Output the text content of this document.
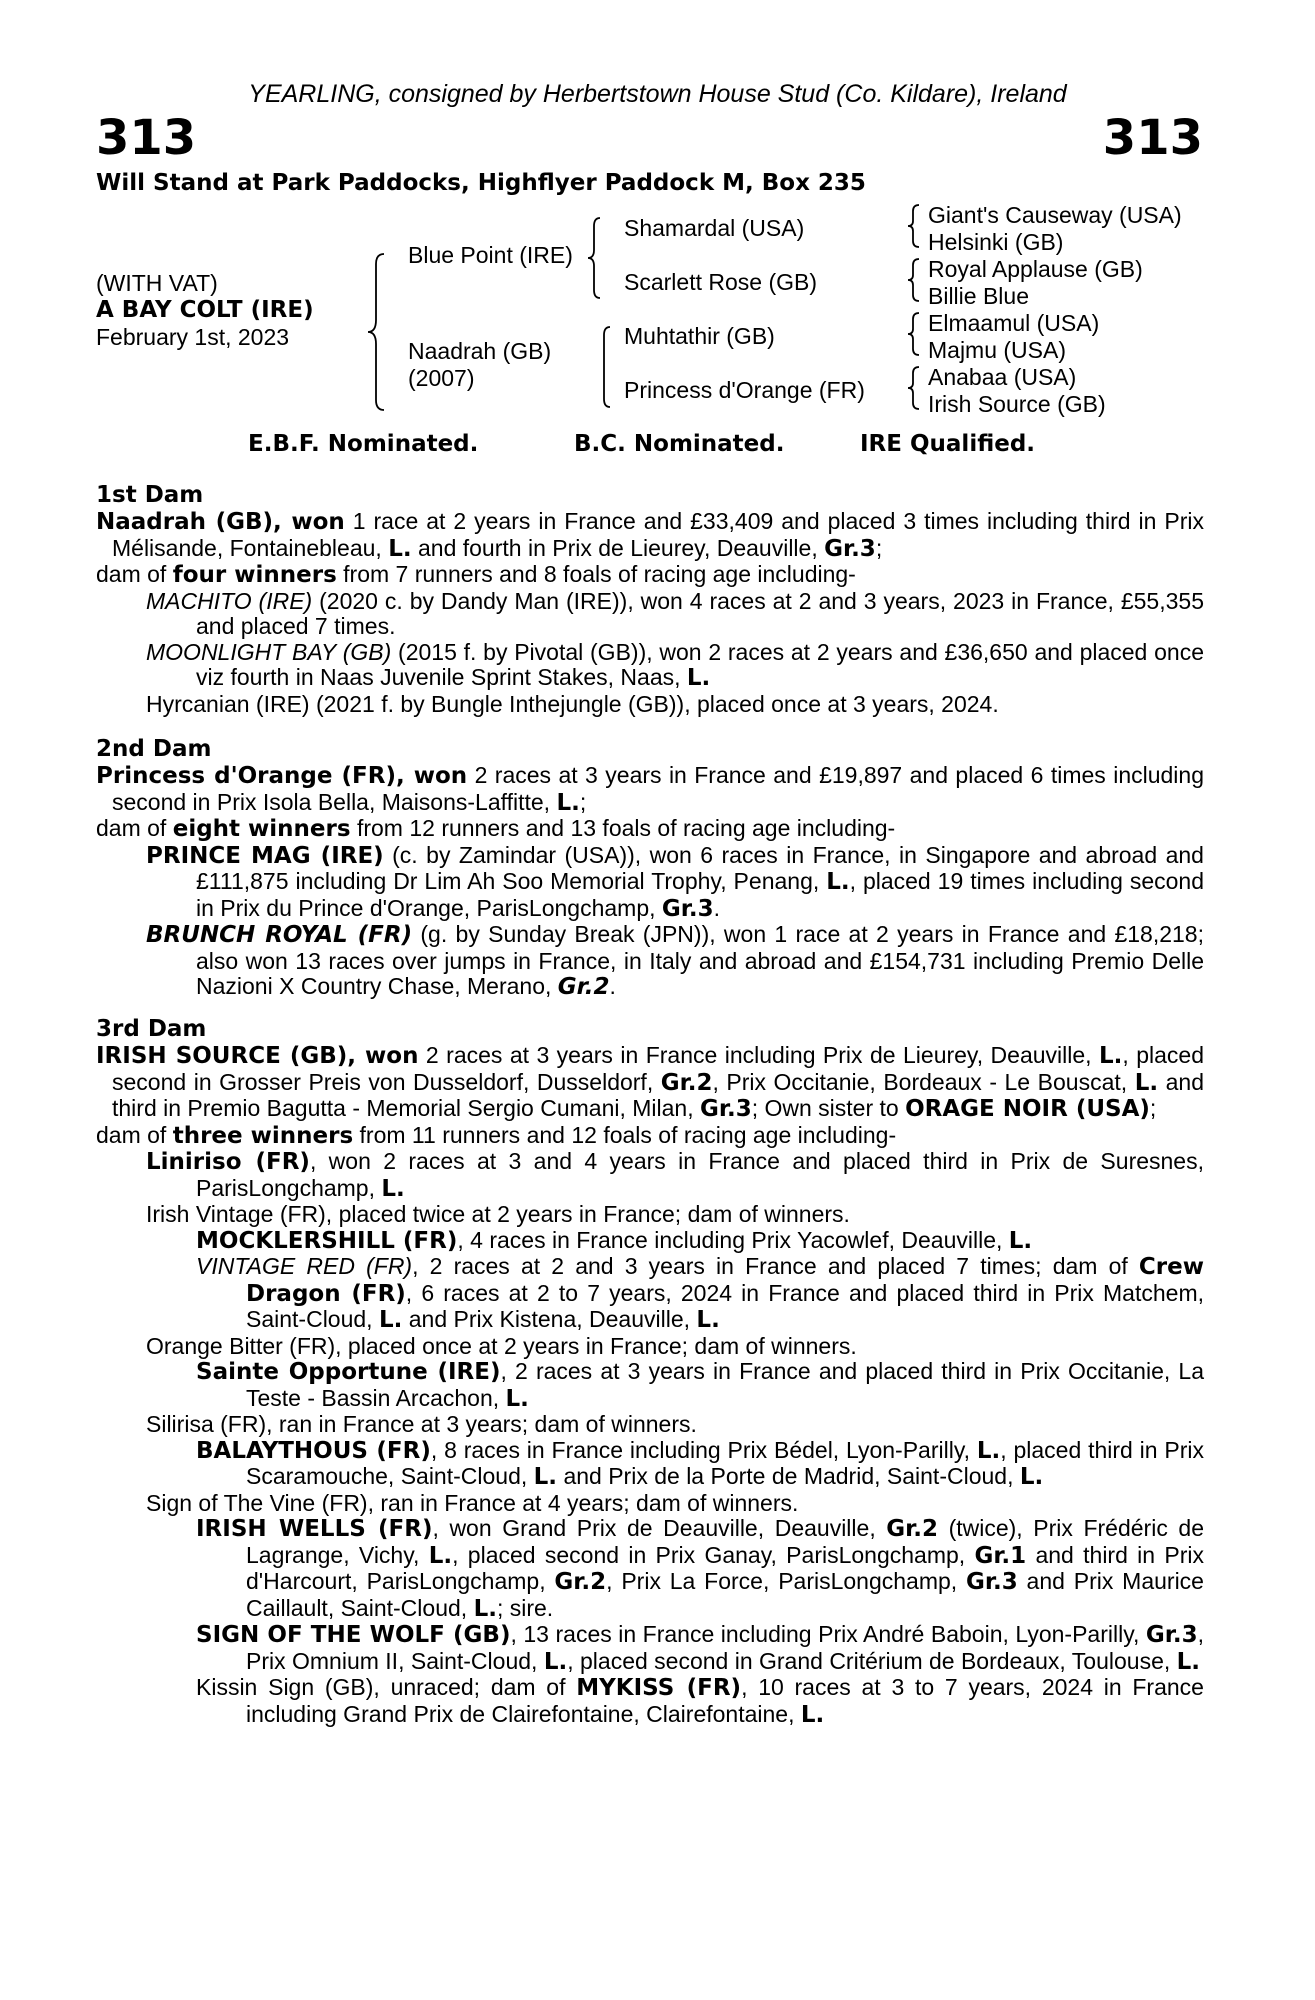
YEARLING, consigned by Herbertstown House Stud (Co. Kildare), Ireland
313	313
Will Stand at Park Paddocks, Highflyer Paddock M, Box 235
(WITH VAT)
A BAY COLT (IRE)
February 1st, 2023
Blue Point (IRE)
Naadrah (GB)
(2007)
Shamardal (USA)
Scarlett Rose (GB)
Muhtathir (GB)
Princess d'Orange (FR)
Giant's Causeway (USA)
Helsinki (GB)
Royal Applause (GB)
Billie Blue
Elmaamul (USA)
Majmu (USA)
Anabaa (USA)
Irish Source (GB)
E.B.F. Nominated.	B.C. Nominated.	IRE Qualified.
1st Dam
Naadrah (GB), won 1 race at 2 years in France and £33,409 and placed 3 times including third in Prix Mélisande, Fontainebleau, L. and fourth in Prix de Lieurey, Deauville, Gr.3;
dam of four winners from 7 runners and 8 foals of racing age including-
MACHITO (IRE) (2020 c. by Dandy Man (IRE)), won 4 races at 2 and 3 years, 2023 in France, £55,355 and placed 7 times.
MOONLIGHT BAY (GB) (2015 f. by Pivotal (GB)), won 2 races at 2 years and £36,650 and placed once viz fourth in Naas Juvenile Sprint Stakes, Naas, L.
Hyrcanian (IRE) (2021 f. by Bungle Inthejungle (GB)), placed once at 3 years, 2024.
2nd Dam
Princess d'Orange (FR), won 2 races at 3 years in France and £19,897 and placed 6 times including second in Prix Isola Bella, Maisons-Laffitte, L.;
dam of eight winners from 12 runners and 13 foals of racing age including-
PRINCE MAG (IRE) (c. by Zamindar (USA)), won 6 races in France, in Singapore and abroad and £111,875 including Dr Lim Ah Soo Memorial Trophy, Penang, L., placed 19 times including second in Prix du Prince d'Orange, ParisLongchamp, Gr.3.
BRUNCH ROYAL (FR) (g. by Sunday Break (JPN)), won 1 race at 2 years in France and £18,218; also won 13 races over jumps in France, in Italy and abroad and £154,731 including Premio Delle Nazioni X Country Chase, Merano, Gr.2.
3rd Dam
IRISH SOURCE (GB), won 2 races at 3 years in France including Prix de Lieurey, Deauville, L., placed second in Grosser Preis von Dusseldorf, Dusseldorf, Gr.2, Prix Occitanie, Bordeaux - Le Bouscat, L. and third in Premio Bagutta - Memorial Sergio Cumani, Milan, Gr.3; Own sister to ORAGE NOIR (USA);
dam of three winners from 11 runners and 12 foals of racing age including-
Liniriso (FR), won 2 races at 3 and 4 years in France and placed third in Prix de Suresnes, ParisLongchamp, L.
Irish Vintage (FR), placed twice at 2 years in France; dam of winners.
MOCKLERSHILL (FR), 4 races in France including Prix Yacowlef, Deauville, L.
VINTAGE RED (FR), 2 races at 2 and 3 years in France and placed 7 times; dam of Crew Dragon (FR), 6 races at 2 to 7 years, 2024 in France and placed third in Prix Matchem, Saint-Cloud, L. and Prix Kistena, Deauville, L.
Orange Bitter (FR), placed once at 2 years in France; dam of winners.
Sainte Opportune (IRE), 2 races at 3 years in France and placed third in Prix Occitanie, La Teste - Bassin Arcachon, L.
Silirisa (FR), ran in France at 3 years; dam of winners.
BALAYTHOUS (FR), 8 races in France including Prix Bédel, Lyon-Parilly, L., placed third in Prix Scaramouche, Saint-Cloud, L. and Prix de la Porte de Madrid, Saint-Cloud, L.
Sign of The Vine (FR), ran in France at 4 years; dam of winners.
IRISH WELLS (FR), won Grand Prix de Deauville, Deauville, Gr.2 (twice), Prix Frédéric de Lagrange, Vichy, L., placed second in Prix Ganay, ParisLongchamp, Gr.1 and third in Prix d'Harcourt, ParisLongchamp, Gr.2, Prix La Force, ParisLongchamp, Gr.3 and Prix Maurice Caillault, Saint-Cloud, L.; sire.
SIGN OF THE WOLF (GB), 13 races in France including Prix André Baboin, Lyon-Parilly, Gr.3, Prix Omnium II, Saint-Cloud, L., placed second in Grand Critérium de Bordeaux, Toulouse, L.
Kissin Sign (GB), unraced; dam of MYKISS (FR), 10 races at 3 to 7 years, 2024 in France including Grand Prix de Clairefontaine, Clairefontaine, L.
